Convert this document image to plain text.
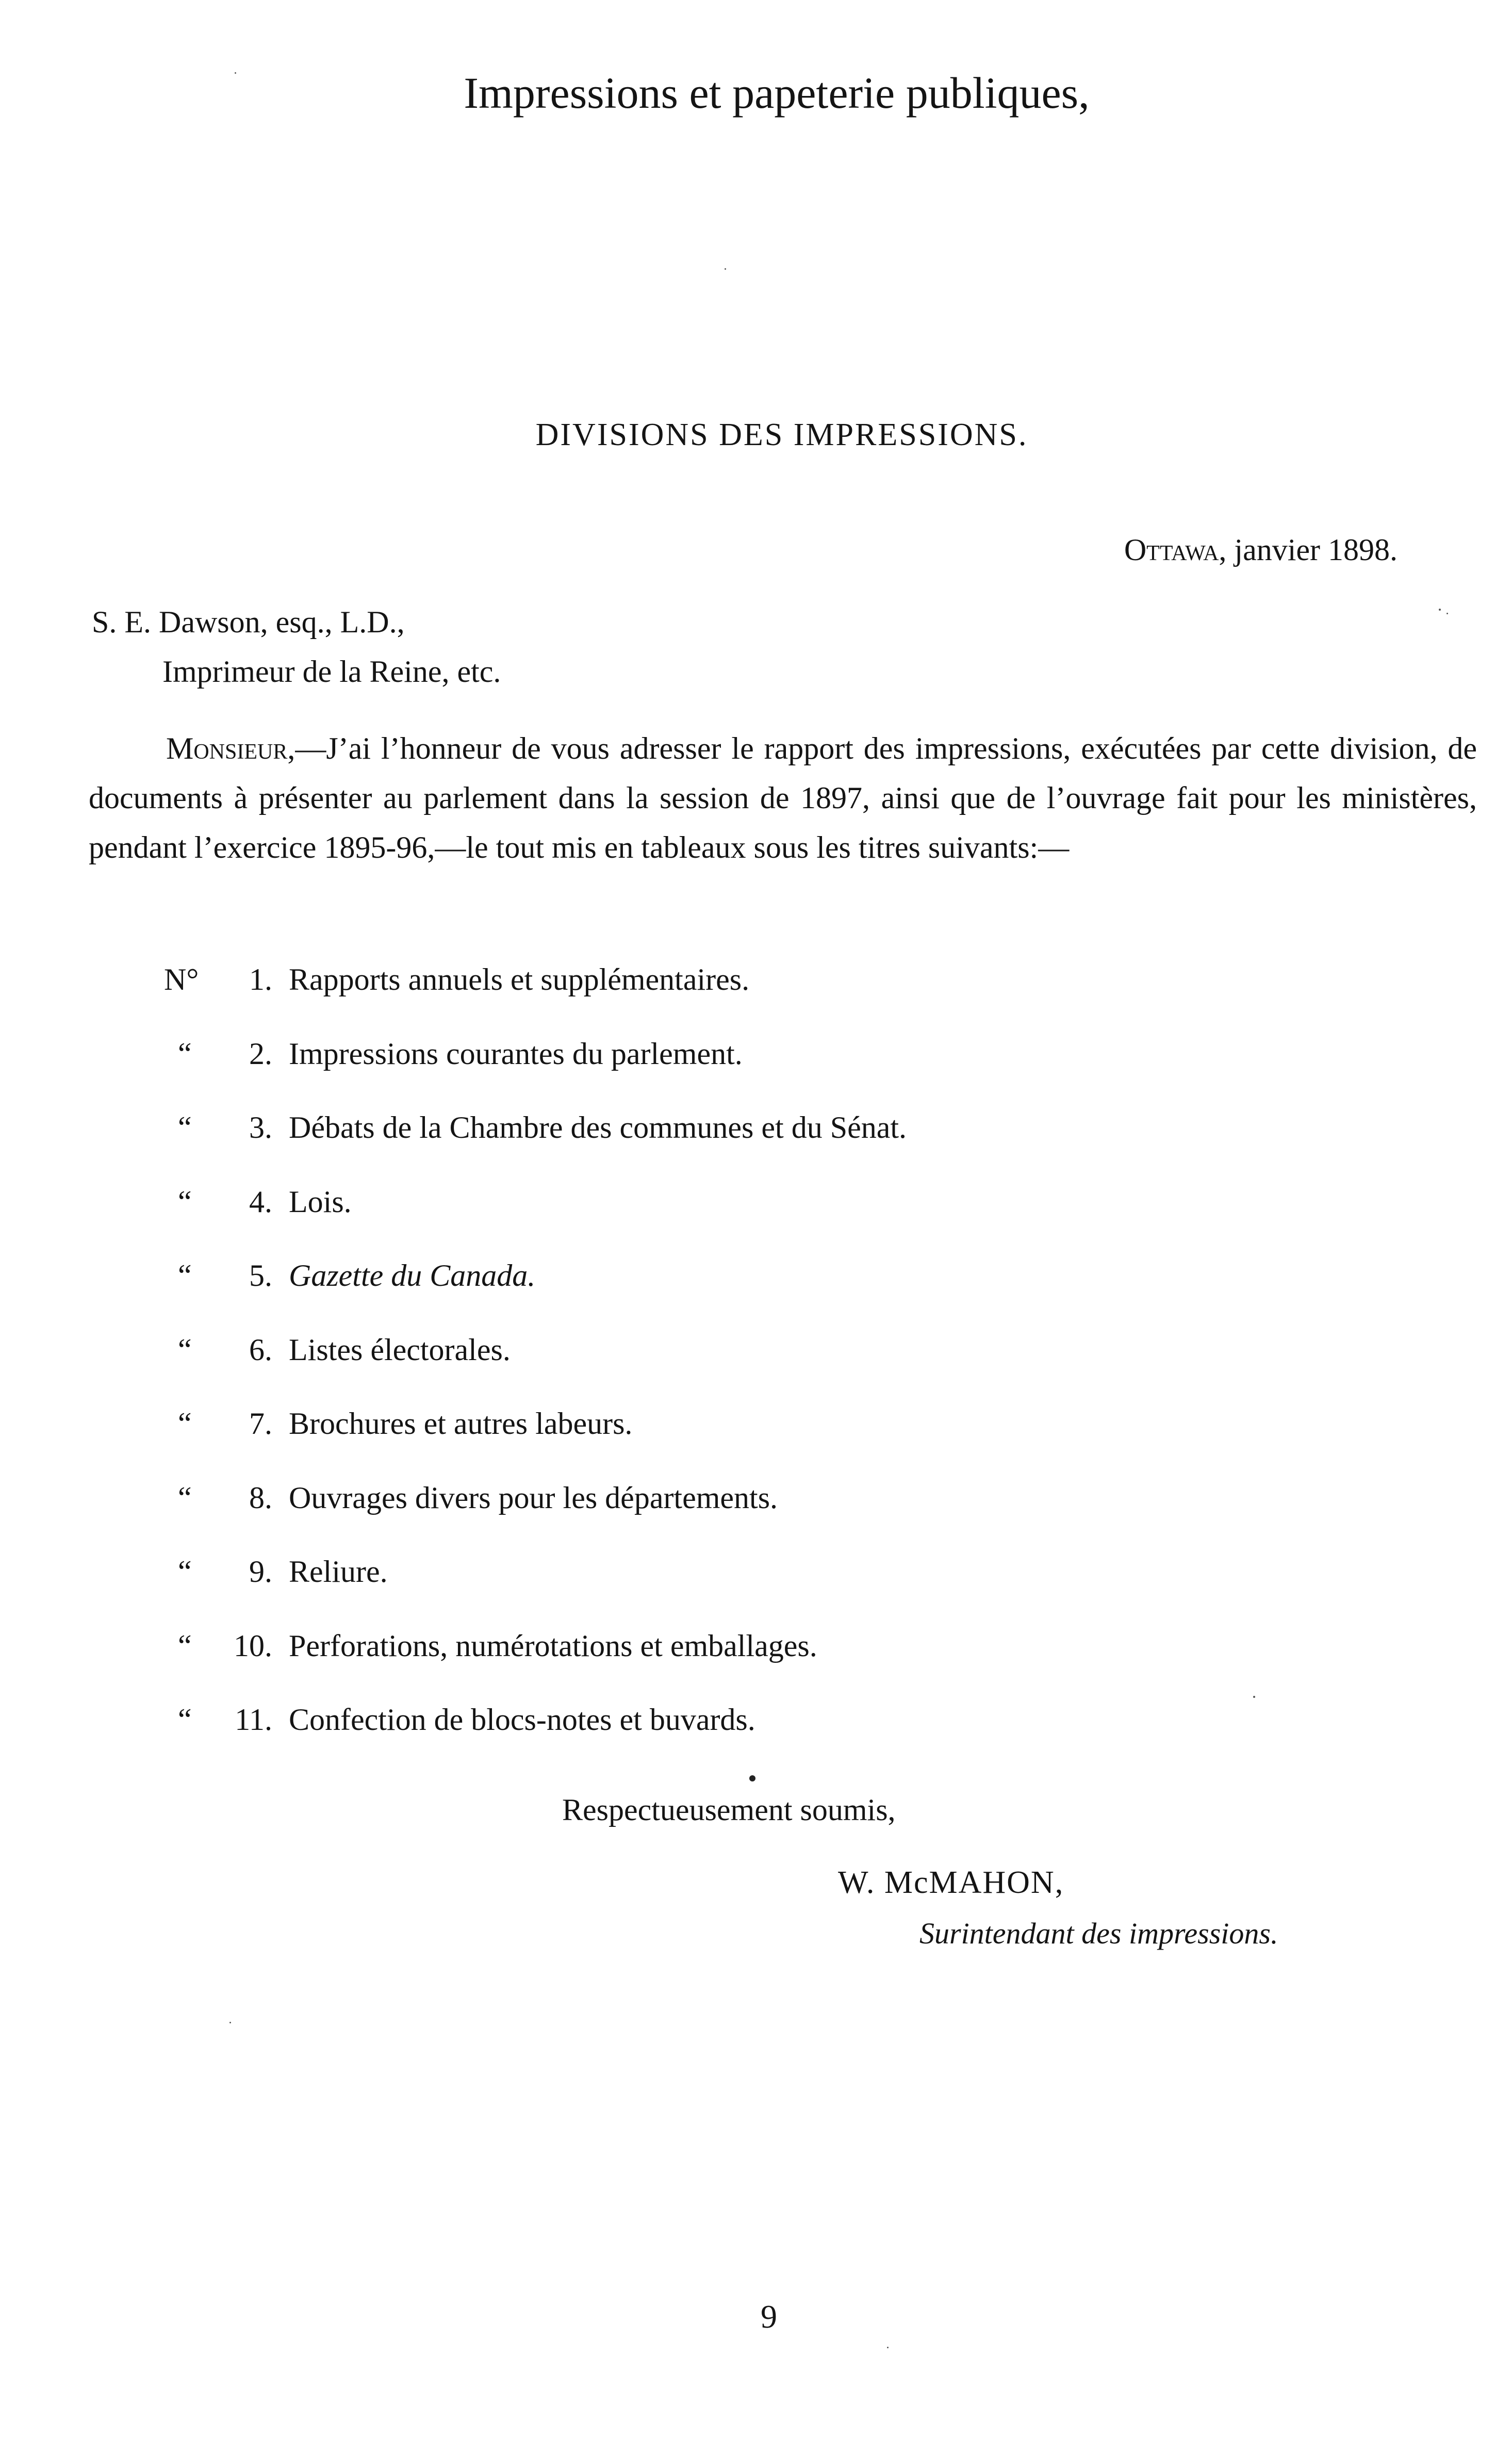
Impressions et papeterie publiques,
DIVISIONS DES IMPRESSIONS.
Ottawa, janvier 1898.
S. E. Dawson, esq., L.D.,
Imprimeur de la Reine, etc.
Monsieur,—J’ai l’honneur de vous adresser le rapport des impressions, exécutées par cette division, de documents à présenter au parlement dans la session de 1897, ainsi que de l’ouvrage fait pour les ministères, pendant l’exercice 1895-96,—le tout mis en tableaux sous les titres suivants:—
N°	1. Rapports annuels et supplémentaires.
“	2. Impressions courantes du parlement.
“	3. Débats de la Chambre des communes et du Sénat.
“	4. Lois.
“	5. Gazette du Canada.
“	6. Listes électorales.
“	7. Brochures et autres labeurs.
“	8. Ouvrages divers pour les départements.
“	9. Reliure.
“	10. Perforations, numérotations et emballages.
“	11. Confection de blocs-notes et buvards.
Respectueusement soumis,
W. McMAHON,
Surintendant des impressions.
9
